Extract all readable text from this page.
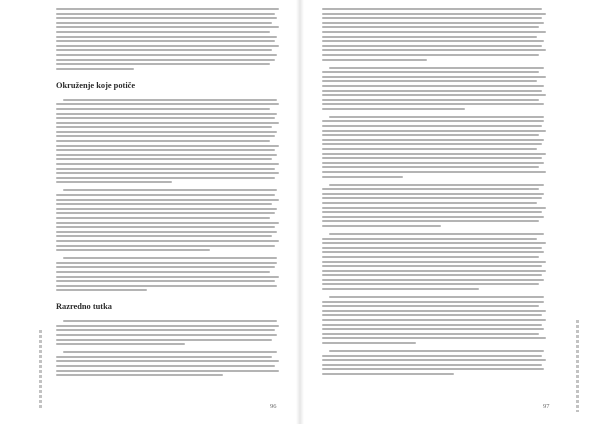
Okruženje koje potiče
Razredno tutka
96	97
